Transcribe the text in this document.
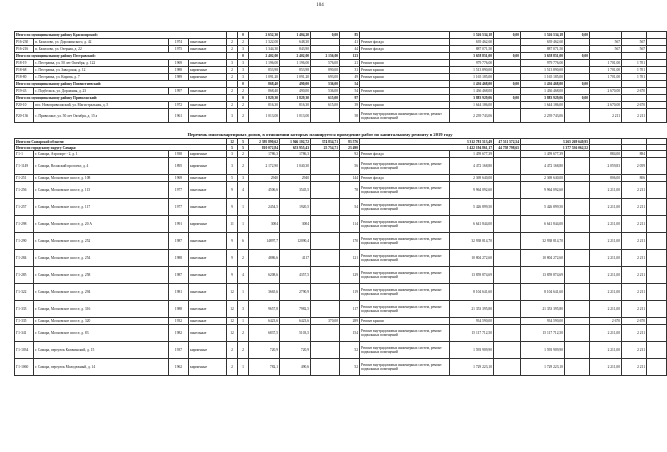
104
Итого по муниципальному району Красноярский:					0	2 652,30	1 404,20	0,00	85		1 526 534,18	0,00	1 526 534,18	0,00			
Р16-230	п. Бахилово, ул. Дорожинского, д. 42	1974	панельные	2	2	1 322,00	648,30		41	Ремонт фасада	639 462,60		639 462,60		567	567	
Р16-216	п. Бахилово, ул. Озерная, д. 22	1975	панельные	2	3	1 344,30	843,90		44	Ремонт фасада	887 071,50		887 071,50		567	567	
Итого по муниципальному району Пестравский:					0	2 402,00	2 402,00	2 156,00	123		3 658 851,00	0,00	3 658 851,00	0,00			
Р18-19	с. Пестравка, ул. 50 лет Октября, д. 122	1969	панельные	3	3	1 196,00	1 196,00	576,00	21	Ремонт крыши	979 776,00		979 776,00		1 701,00	1 701	
Р18-68	с. Пестравка, ул. Заводская, д. 12	1988	кирпичные	2	3	853,98	853,98	890,00	31	Ремонт крыши	1 513 890,00		1 513 890,00		1 701,00	1 701	
Р18-80	с. Пестравка, ул. Кирова, д. 7	1989	кирпичные	2	3	1 091,20	1 091,20	693,00	49	Ремонт крыши	1 165 185,00		1 165 185,00		1 701,00	1 701	
Итого по муниципальному району Похвистневский:					0	868,40	490,00	536,00	54		1 436 468,00	0,00	1 436 468,00	0,00			
Р19-43	с. Подбельск, ул. Дорожная, д. 23	1997	панельные	2	2	868,40	490,00	536,00	54	Ремонт крыши	1 436 468,00		1 436 468,00		2 670,00	2 670	
Итого по муниципальному району Приволжский:					0	1 829,30	1 829,30	615,00	97		3 883 929,06	0,00	3 883 929,06	0,00			
Р20-10	пос. Новоприволжский, ул. Магистральная, д. 5	1972	панельные	2	2	816,30	816,30	615,00	39	Ремонт крыши	1 644 186,00		1 644 186,00		2 670,00	2 670	
Р20-136	с. Приволжье, ул. 50 лет Октября, д. 15 а	1961	панельные	3	2	1 013,00	1 013,00		58	Ремонт внутридомовых инженерных систем, ремонт подвальных помещений	2 239 743,06		2 239 743,06		2 211	2 211	
Перечень многоквартирных домов, в отношении которых планируется проведение работ по капитальному ремонту в 2019 году
Итого по Самарской области:				12	5	2 395 890,62	1 946 102,72	374 834,71	83 576	3 312 781 513,49		47 511 572,54	3 265 269 640,95				
Итого по городскому округу Самара:				5	5	810 072,84	653 955,43	25 754,71	23 490	1 422 194 861,17		44 758 798,65	1 377 536 062,52				
Г1-1	г. Самара, Аэропорт - 2, д. 1	1938	кирпичные	3	2	1786,3	1786,3		92	Ремонт фасада	1 459 677,39		1 459 677,39		884,00	884	
Г1-1149	г. Самара, Волжский проспект, д. 4	1895	кирпичные	3	2	2 172,90	1 040,30		56	Ремонт внутридомовых инженерных систем, ремонт подвальных помещений	4 472 168,80		4 472 168,80		2 059,83	2 059	
Г1-251	г. Самара, Московское шоссе, д. 108	1969	панельные	5	3	2940	2940		144	Ремонт фасада	2 369 640,00		2 369 640,00		806,00	806	
Г1-256	г. Самара, Московское шоссе, д. 115	1977	панельные	9	4	4506,6	3545,5		78	Ремонт внутридомовых инженерных систем, ремонт подвальных помещений	9 964 092,60		9 964 092,60		2 211,00	2 211	
Г1-257	г. Самара, Московское шоссе, д. 117	1977	панельные	9	1	2454,5	1920,5		54	Ремонт внутридомовых инженерных систем, ремонт подвальных помещений	5 426 899,50		5 426 899,50		2 211,00	2 211	
Г1-298	г. Самара, Московское шоссе, д. 20 А	1991	кирпичные	11	1	3004	3004		114	Ремонт внутридомовых инженерных систем, ремонт подвальных помещений	6 641 844,00		6 641 844,00		2 211,00	2 211	
Г1-290	г. Самара, Московское шоссе, д. 252	1987	панельные	9	6	14897,7	12090,4		170	Ремонт внутридомовых инженерных систем, ремонт подвальных помещений	32 938 814,70		32 938 814,70		2 211,00	2 211	
Г1-284	г. Самара, Московское шоссе, д. 254	1988	панельные	9	2	4886,6	4117		121	Ремонт внутридомовых инженерных систем, ремонт подвальных помещений	10 804 272,60		10 804 272,60		2 211,00	2 211	
Г1-285	г. Самара, Московское шоссе, д. 258	1987	панельные	9	4	6208,6	4357,5		129	Ремонт внутридомовых инженерных систем, ремонт подвальных помещений	13 859 874,69		13 859 874,69		2 211,00	2 211	
Г1-322	г. Самара, Московское шоссе, д. 294	1981	панельные	12	1	3665,6	2790,9		119	Ремонт внутридомовых инженерных систем, ремонт подвальных помещений	8 104 641,60		8 104 641,60		2 211,00	2 211	
Г1-333	г. Самара, Московское шоссе, д. 316	1988	панельные	12	3	9657,8	7982,5		117	Ремонт внутридомовых инженерных систем, ремонт подвальных помещений	21 353 395,80		21 353 395,80		2 211,00	2 211	
Г1-335	г. Самара, Московское шоссе, д. 320	1932	панельные	12	1	6423,6	6423,6	370,00	289	Ремонт крыши	934 590,00		934 590,00		2 670	2 670	
Г1-341	г. Самара, Московское шоссе, д. 83	1982	панельные	12	2	6837,5	5103,5		154	Ремонт внутридомовых инженерных систем, ремонт подвальных помещений	15 117 712,50		15 117 712,50		2 211,00	2 211	
Г1-1034	г. Самара, переулок Казачинский, д. 15	1937	кирпичные	2	2	720,9	720,9		52	Ремонт внутридомовых инженерных систем, ремонт подвальных помещений	1 593 909,90		1 593 909,90		2 211,00	2 211	
Г1-1060	г. Самара, переулок Молодежный, д. 14	1962	кирпичные	2	1	782,1	490,6		52	Ремонт внутридомовых инженерных систем, ремонт подвальных помещений	1 729 223,10		1 729 223,10		2 211,00	2 211	
